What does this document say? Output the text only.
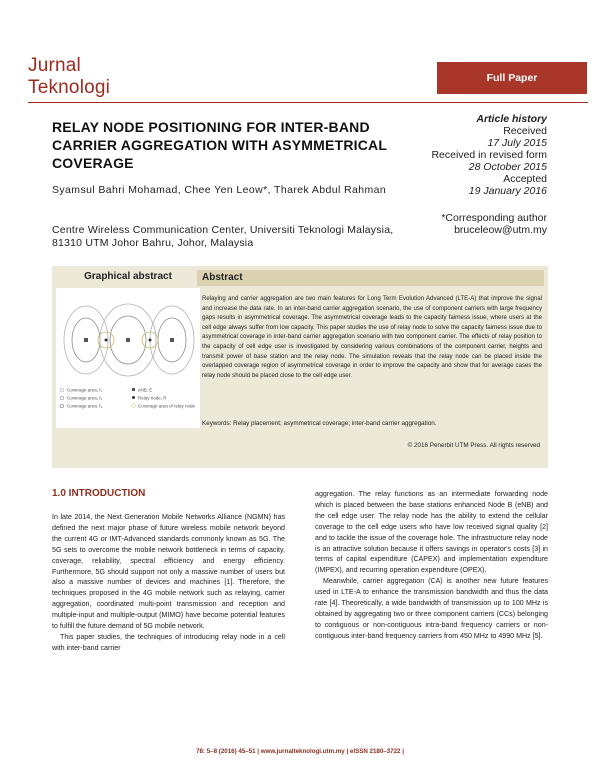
Jurnal
Teknologi	Full Paper
RELAY NODE POSITIONING FOR INTER-BAND CARRIER AGGREGATION WITH ASYMMETRICAL COVERAGE
Syamsul Bahri Mohamad, Chee Yen Leow*, Tharek Abdul Rahman
Centre Wireless Communication Center, Universiti Teknologi Malaysia, 81310 UTM Johor Bahru, Johor, Malaysia
Article history
Received
17 July 2015
Received in revised form
28 October 2015
Accepted
19 January 2016
*Corresponding author
bruceleow@utm.my
Graphical abstract
Coverage area, f₁
Coverage area, f₂
Coverage area, f₃
eNB, E
Relay node, R
Coverage area of relay node
Abstract
Relaying and carrier aggregation are two main features for Long Term Evolution Advanced (LTE-A) that improve the signal and increase the data rate. In an inter-band carrier aggregation scenario, the use of component carriers with large frequency gaps results in asymmetrical coverage. The asymmetrical coverage leads to the capacity fairness issue, where users at the cell edge always suffer from low capacity. This paper studies the use of relay node to solve the capacity fairness issue due to asymmetrical coverage in inter-band carrier aggregation scenario with two component carrier. The effects of relay position to the capacity of cell edge user is investigated by considering various combinations of the component carrier, heights and transmit power of base station and the relay node. The simulation reveals that the relay node can be placed inside the overlapped coverage region of asymmetrical coverage in order to improve the capacity and show that for average cases the relay node should be placed close to the cell edge user.
Keywords: Relay placement; asymmetrical coverage; inter-band carrier aggregation.
© 2016 Penerbit UTM Press. All rights reserved
1.0 INTRODUCTION

In late 2014, the Next Generation Mobile Networks Alliance (NGMN) has defined the next major phase of future wireless mobile network beyond the current 4G or IMT-Advanced standards commonly known as 5G. The 5G sets to overcome the mobile network bottleneck in terms of capacity, coverage, reliability, spectral efficiency and energy efficiency. Furthermore, 5G should support not only a massive number of users but also a massive number of devices and machines [1]. Therefore, the techniques proposed in the 4G mobile network such as relaying, carrier aggregation, coordinated multi-point transmission and reception and multiple-input and multiple-output (MIMO) have become potential features to fulfill the future demand of 5G mobile network.

This paper studies, the techniques of introducing relay node in a cell with inter-band carrier

aggregation. The relay functions as an intermediate forwarding node which is placed between the base stations enhanced Node B (eNB) and the cell edge user. The relay node has the ability to extend the cellular coverage to the cell edge users who have low received signal quality [2] and to tackle the issue of the coverage hole. The infrastructure relay node is an attractive solution because it offers savings in operator's costs [3] in terms of capital expenditure (CAPEX) and implementation expenditure (IMPEX), and recurring operation expenditure (OPEX).

Meanwhile, carrier aggregation (CA) is another new future features used in LTE-A to enhance the transmission bandwidth and thus the data rate [4]. Theoretically, a wide bandwidth of transmission up to 100 MHz is obtained by aggregating two or three component carriers (CCs) belonging to contiguous or non-contiguous intra-band frequency carriers or non-contiguous inter-band frequency carriers from 450 MHz to 4990 MHz [5].

78: 5–8 (2016) 45–51 | www.jurnalteknologi.utm.my | eISSN 2180–3722 |
